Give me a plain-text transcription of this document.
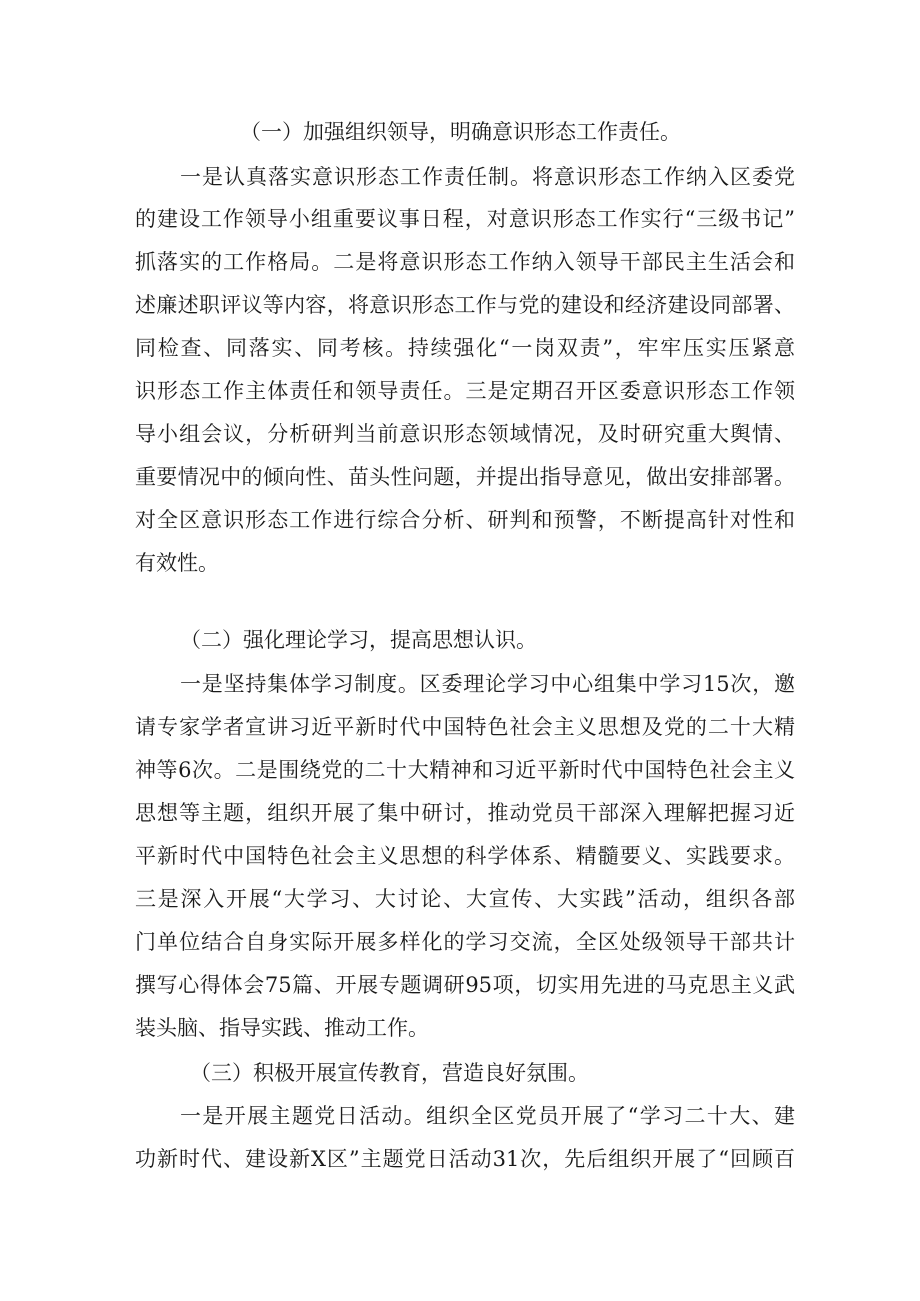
（一）加强组织领导，明确意识形态工作责任。
一是认真落实意识形态工作责任制。将意识形态工作纳入区委党
的建设工作领导小组重要议事日程，对意识形态工作实行“三级书记”
抓落实的工作格局。二是将意识形态工作纳入领导干部民主生活会和
述廉述职评议等内容，将意识形态工作与党的建设和经济建设同部署、
同检查、同落实、同考核。持续强化“一岗双责”，牢牢压实压紧意
识形态工作主体责任和领导责任。三是定期召开区委意识形态工作领
导小组会议，分析研判当前意识形态领域情况，及时研究重大舆情、
重要情况中的倾向性、苗头性问题，并提出指导意见，做出安排部署。
对全区意识形态工作进行综合分析、研判和预警，不断提高针对性和
有效性。
（二）强化理论学习，提高思想认识。
一是坚持集体学习制度。区委理论学习中心组集中学习15次，邀
请专家学者宣讲习近平新时代中国特色社会主义思想及党的二十大精
神等6次。二是围绕党的二十大精神和习近平新时代中国特色社会主义
思想等主题，组织开展了集中研讨，推动党员干部深入理解把握习近
平新时代中国特色社会主义思想的科学体系、精髓要义、实践要求。
三是深入开展“大学习、大讨论、大宣传、大实践”活动，组织各部
门单位结合自身实际开展多样化的学习交流，全区处级领导干部共计
撰写心得体会75篇、开展专题调研95项，切实用先进的马克思主义武
装头脑、指导实践、推动工作。
（三）积极开展宣传教育，营造良好氛围。
一是开展主题党日活动。组织全区党员开展了“学习二十大、建
功新时代、建设新X区”主题党日活动31次，先后组织开展了“回顾百
